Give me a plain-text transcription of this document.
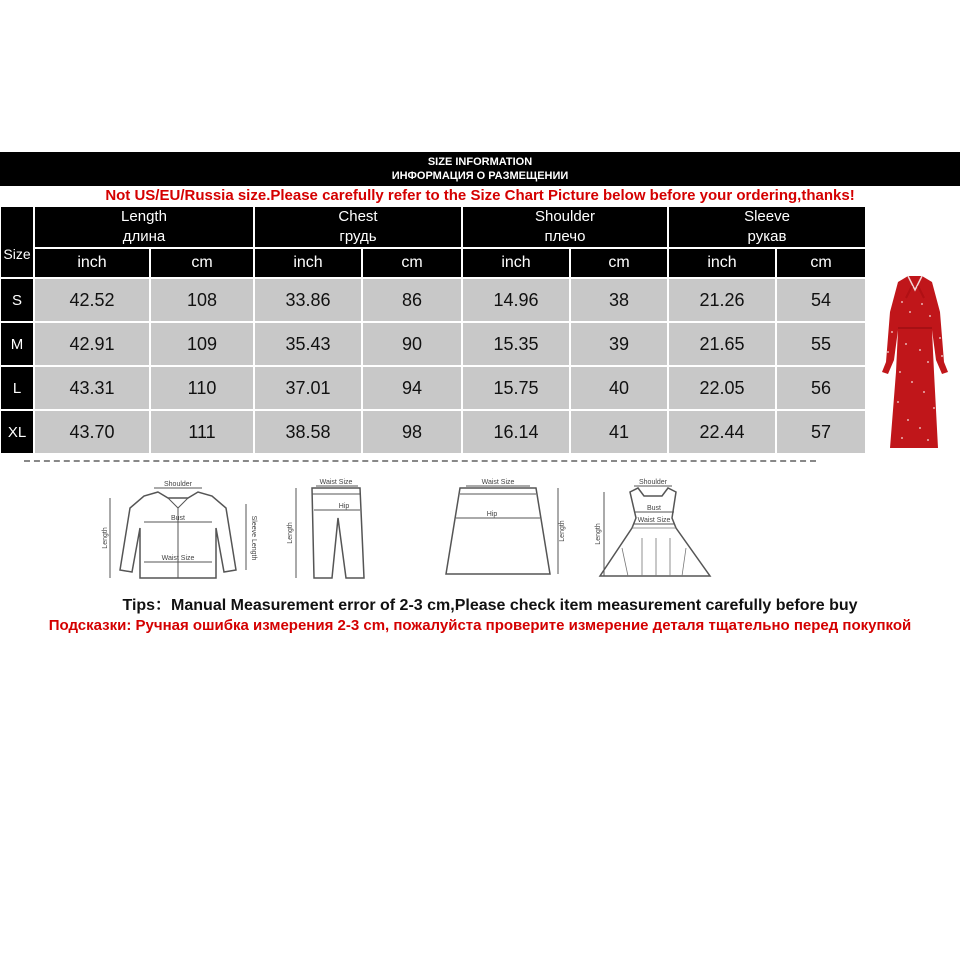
SIZE INFORMATION
ИНФОРМАЦИЯ О РАЗМЕЩЕНИИ
Not US/EU/Russia size.Please carefully refer to the Size Chart Picture below before your ordering,thanks!
Size
Length
длина
inch	cm
Chest
грудь
inch	cm
Shoulder
плечо
inch	cm
Sleeve
рукав
inch	cm
S	42.52	108	33.86	86	14.96	38	21.26	54
M	42.91	109	35.43	90	15.35	39	21.65	55
L	43.31	110	37.01	94	15.75	40	22.05	56
XL	43.70	111	38.58	98	16.14	41	22.44	57
Shoulder
Bust
Waist Size
Length	Sleeve Length
Waist Size
Hip
Length
Waist Size
Hip
Length
Shoulder
Bust
Waist Size
Length
Tips：Manual Measurement error of 2-3 cm,Please check item measurement carefully before buy
Подсказки: Ручная ошибка измерения 2-3 cm, пожалуйста проверите измерение деталя тщательно перед покупкой
